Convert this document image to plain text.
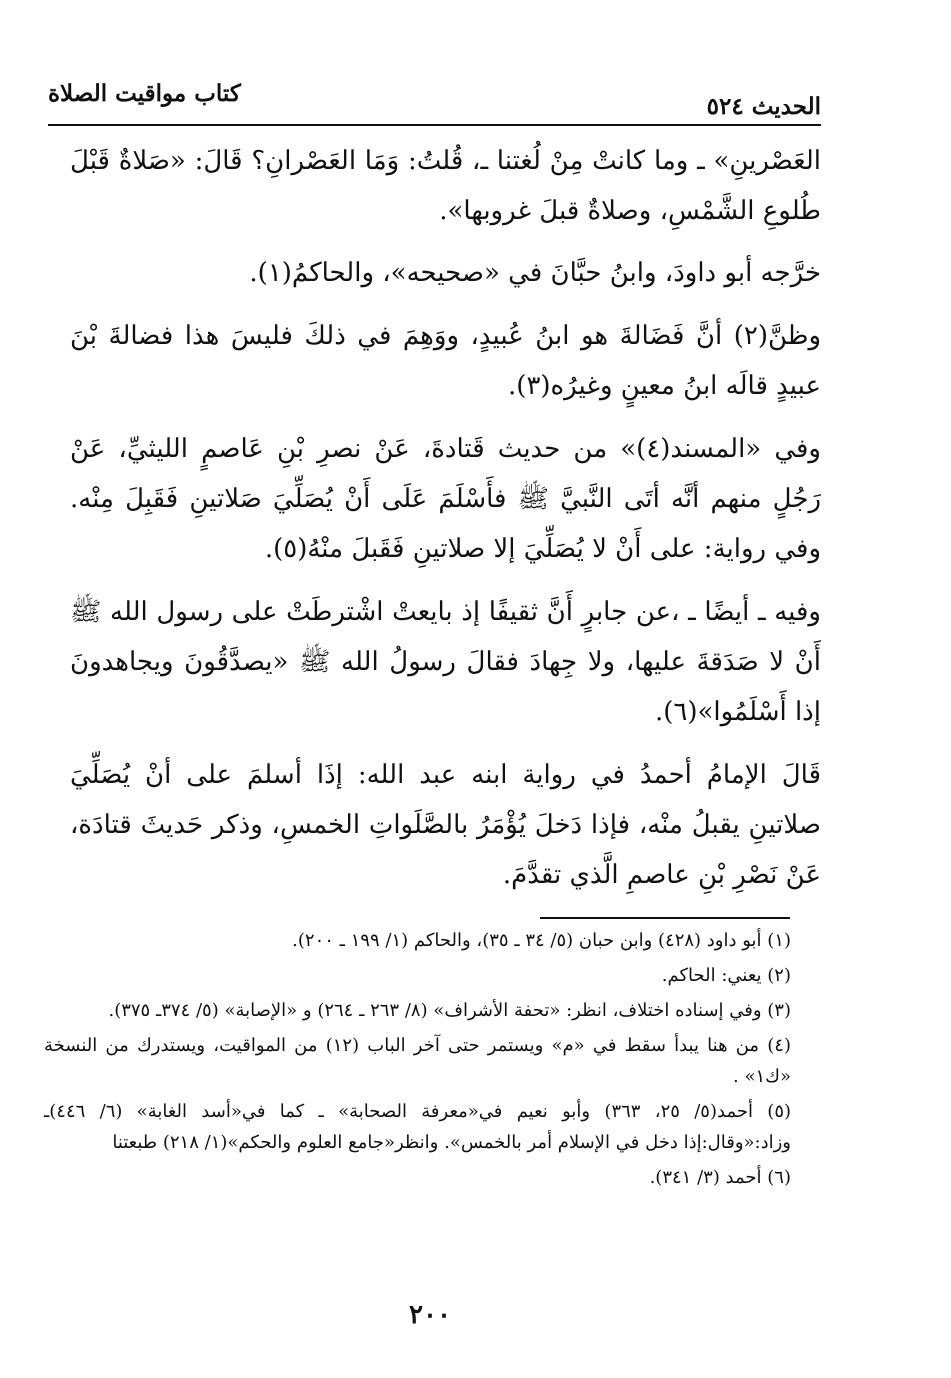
الحديث ٥٢٤
كتاب مواقيت الصلاة

العَصْرينِ» ـ وما كانتْ مِنْ لُغتنا ـ، قُلتُ: وَمَا العَصْرانِ؟ قَالَ: «صَلاةٌ قَبْلَ طُلوعِ الشَّمْسِ، وصلاةٌ قبلَ غروبها».

خرَّجه أبو داودَ، وابنُ حبَّانَ في «صحيحه»، والحاكمُ(١).

وظنَّ(٢) أنَّ فَضَالةَ هو ابنُ عُبيدٍ، ووَهِمَ في ذلكَ فليسَ هذا فضالةَ بْنَ عبيدٍ قالَه ابنُ معينٍ وغيرُه(٣).

وفي «المسند(٤)» من حديث قَتادةَ، عَنْ نصرِ بْنِ عَاصمٍ الليثيِّ، عَنْ رَجُلٍ منهم أنَّه أتَى النَّبيَّ ﷺ فأَسْلَمَ عَلَى أَنْ يُصَلِّيَ صَلاتينِ فَقَبِلَ مِنْه. وفي رواية: على أَنْ لا يُصَلِّيَ إلا صلاتينِ فَقَبلَ منْهُ(٥).

وفيه ـ أيضًا ـ ،عن جابرٍ أَنَّ ثقيفًا إذ بايعتْ اشْترطَتْ على رسول الله ﷺ أَنْ لا صَدَقةَ عليها، ولا جِهادَ فقالَ رسولُ الله ﷺ «يصدَّقُونَ ويجاهدونَ إذا أَسْلَمُوا»(٦).

قَالَ الإمامُ أحمدُ في رواية ابنه عبد الله: إذَا أسلمَ على أنْ يُصَلِّيَ صلاتينِ يقبلُ منْه، فإذا دَخلَ يُؤْمَرُ بالصَّلَواتِ الخمسِ، وذكر حَديثَ قتادَة، عَنْ نَصْرِ بْنِ عاصمِ الَّذي تقدَّمَ.

(١) أبو داود (٤٢٨) وابن حبان (٥/ ٣٤ ـ ٣٥)، والحاكم (١/ ١٩٩ ـ ٢٠٠).

(٢) يعني: الحاكم.

(٣) وفي إسناده اختلاف، انظر: «تحفة الأشراف» (٨/ ٢٦٣ ـ ٢٦٤) و «الإصابة» (٥/ ٣٧٤ـ ٣٧٥).

(٤) من هنا يبدأ سقط في «م» ويستمر حتى آخر الباب (١٢) من المواقيت، ويستدرك من النسخة «ك١» .

(٥) أحمد(٥/ ٢٥، ٣٦٣) وأبو نعيم في«معرفة الصحابة» ـ كما في«أسد الغابة» (٦/ ٤٤٦)ـ وزاد:«وقال:إذا دخل في الإسلام أمر بالخمس». وانظر«جامع العلوم والحكم»(١/ ٢١٨) طبعتنا

(٦) أحمد (٣/ ٣٤١).

٢٠٠
